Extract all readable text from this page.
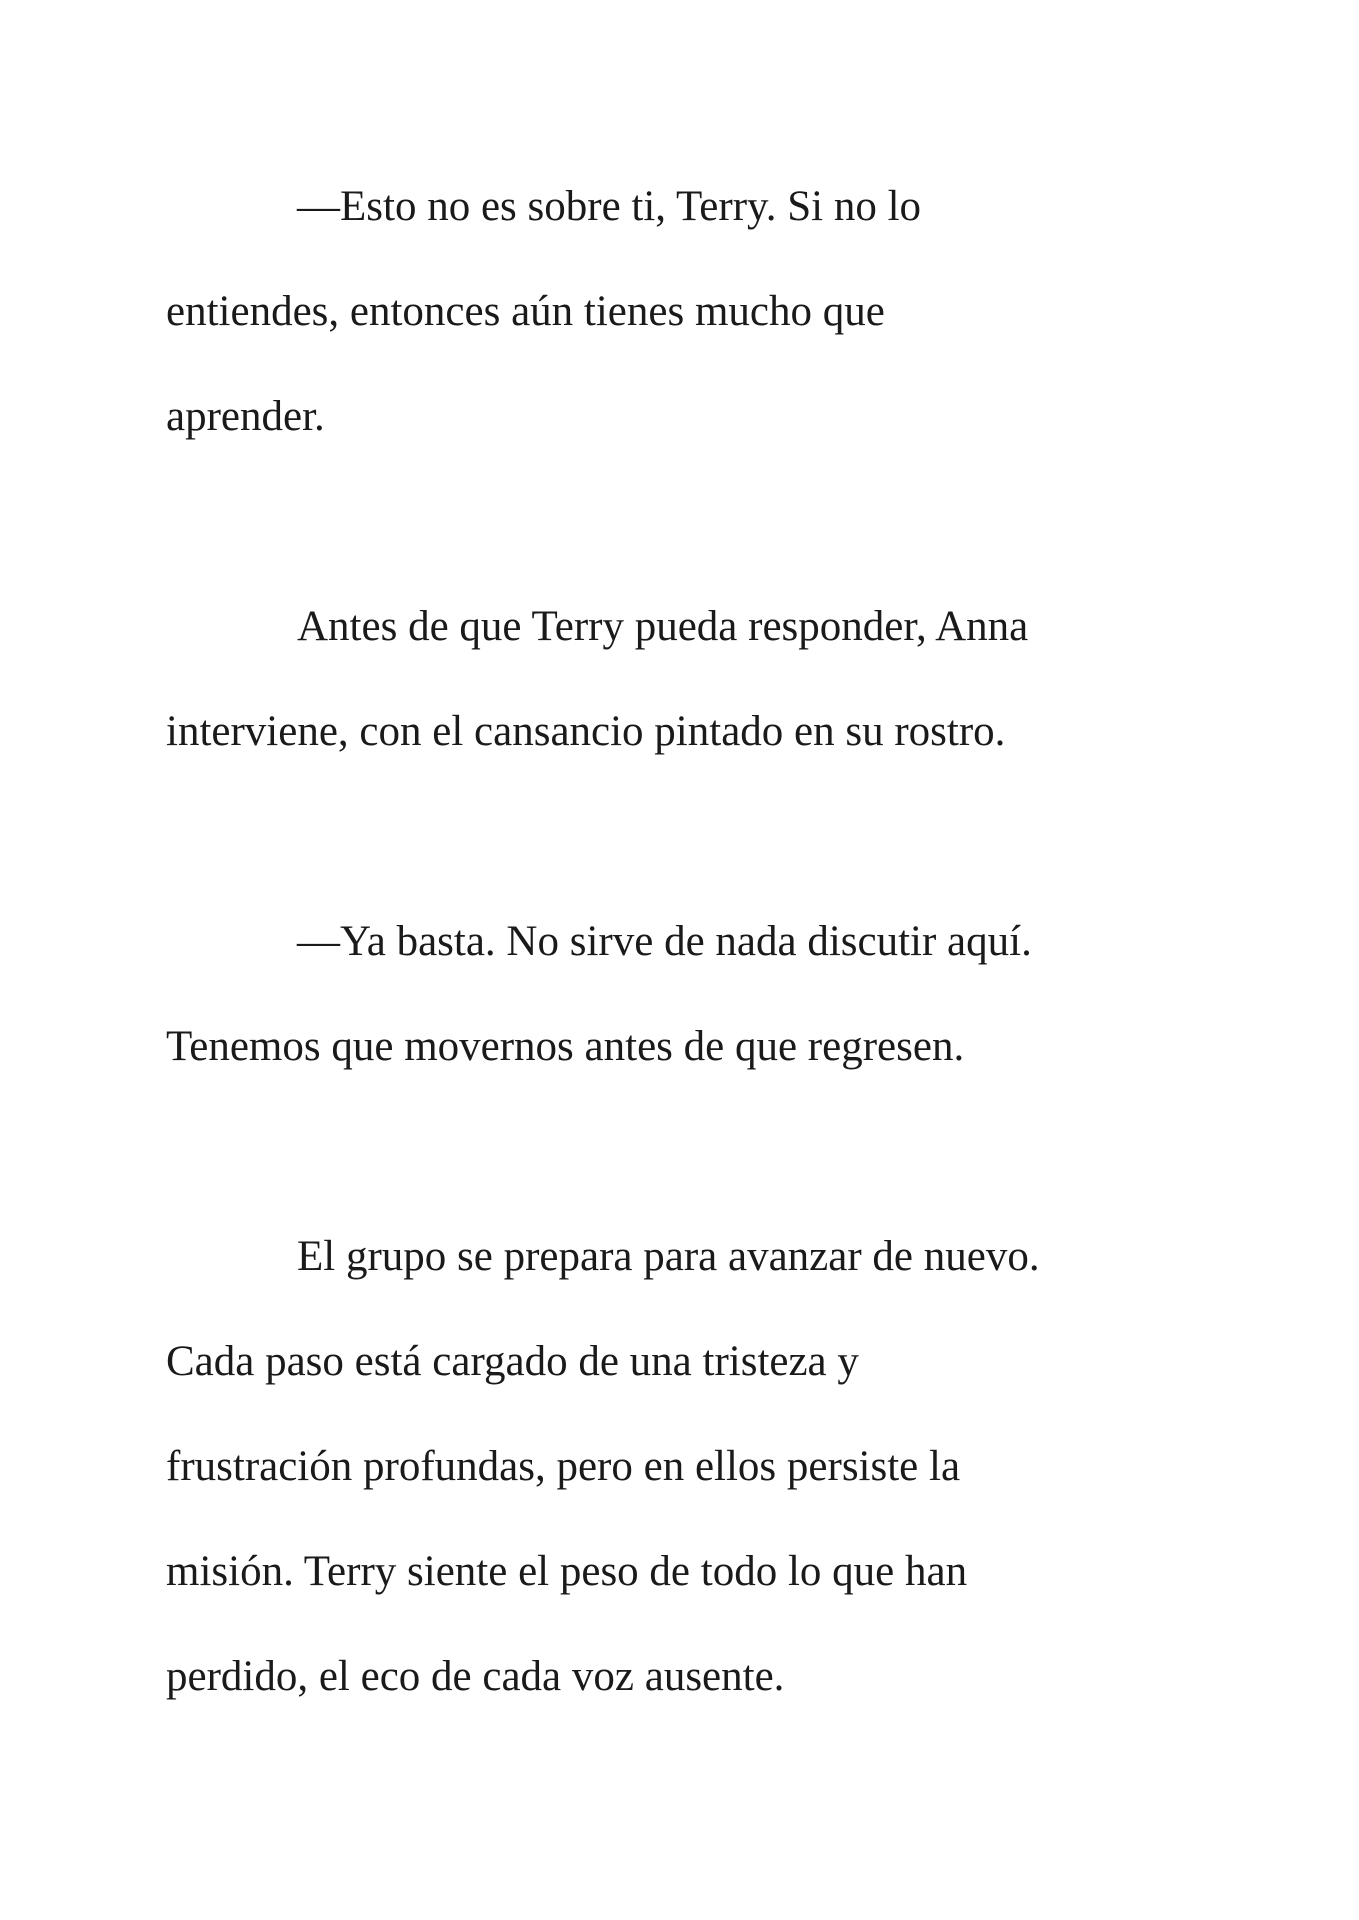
—Esto no es sobre ti, Terry. Si no lo
entiendes, entonces aún tienes mucho que
aprender.

Antes de que Terry pueda responder, Anna
interviene, con el cansancio pintado en su rostro.

—Ya basta. No sirve de nada discutir aquí.
Tenemos que movernos antes de que regresen.

El grupo se prepara para avanzar de nuevo.
Cada paso está cargado de una tristeza y
frustración profundas, pero en ellos persiste la
misión. Terry siente el peso de todo lo que han
perdido, el eco de cada voz ausente.
